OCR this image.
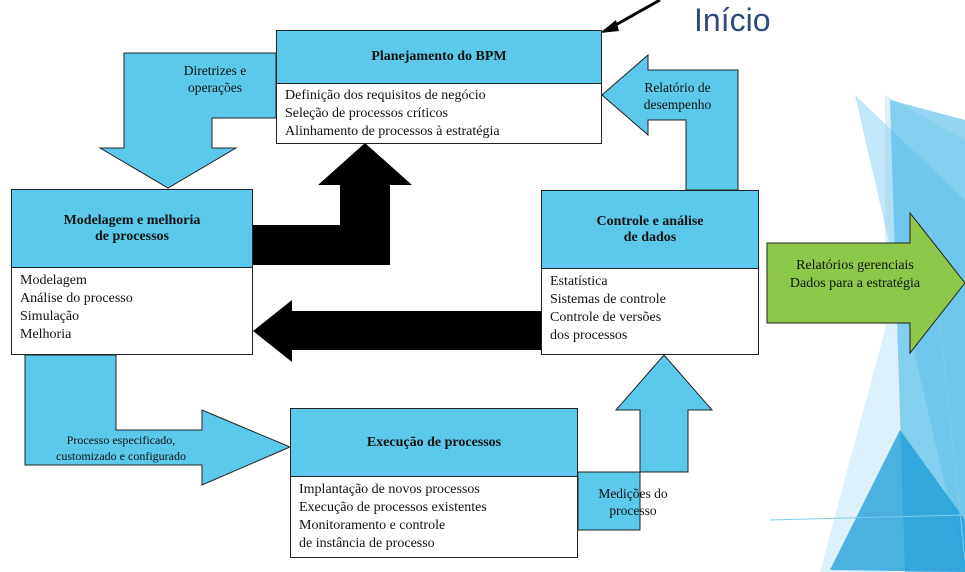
Planejamento do BPM
Definição dos requisitos de negócio
Seleção de processos críticos
Alinhamento de processos à estratégia
Modelagem e melhoria
de processos
Modelagem
Análise do processo
Simulação
Melhoria
Controle e análise
de dados
Estatística
Sistemas de controle
Controle de versões
dos processos
Execução de processos
Implantação de novos processos
Execução de processos existentes
Monitoramento e controle
de instância de processo
Diretrizes e
operações	Relatório de
desempenho
Processo especificado,
customizado e configurado
Medições do
processo
Relatórios gerenciais
Dados para a estratégia
Início
